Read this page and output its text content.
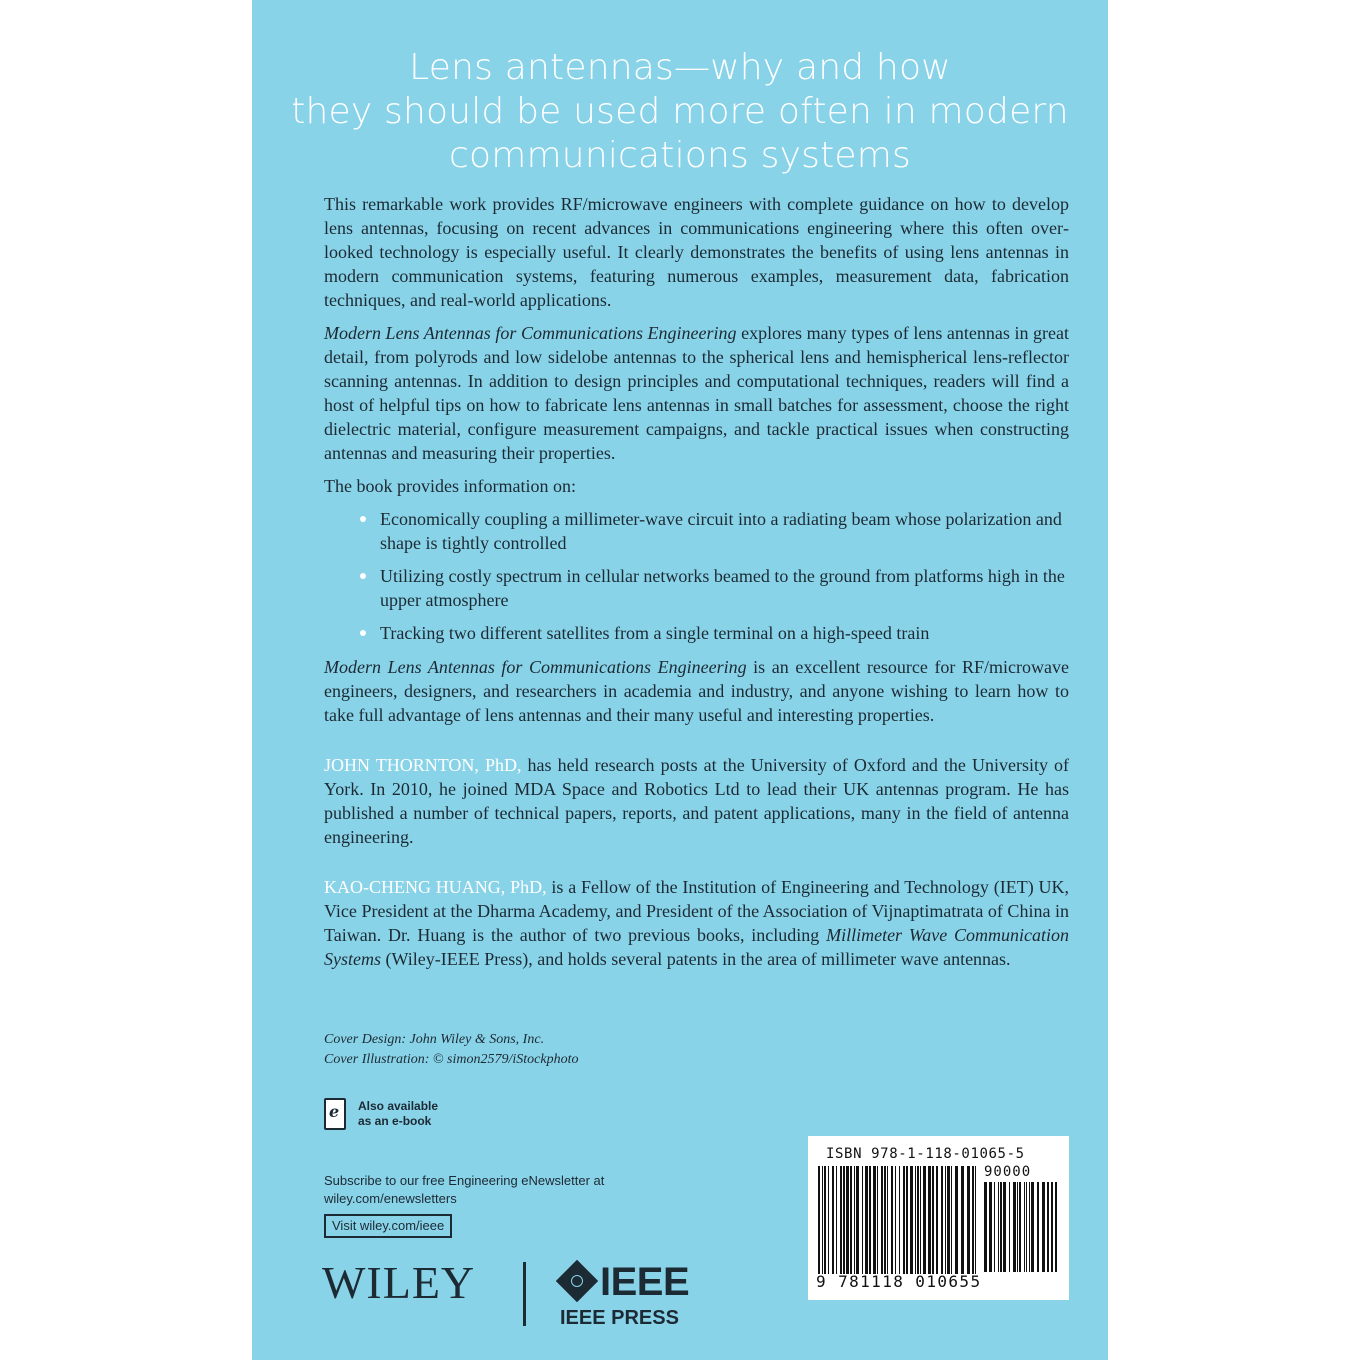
Lens antennas—why and how
they should be used more often in modern
communications systems

This remarkable work provides RF/microwave engineers with complete guidance on how to develop lens antennas, focusing on recent advances in communications engineering where this often overlooked technology is especially useful. It clearly demonstrates the benefits of using lens antennas in modern communication systems, featuring numerous examples, measurement data, fabrication techniques, and real-world applications.

Modern Lens Antennas for Communications Engineering explores many types of lens antennas in great detail, from polyrods and low sidelobe antennas to the spherical lens and hemispherical lens-reflector scanning antennas. In addition to design principles and computational techniques, readers will find a host of helpful tips on how to fabricate lens antennas in small batches for assessment, choose the right dielectric material, configure measurement campaigns, and tackle practical issues when constructing antennas and measuring their properties.

The book provides information on:

Economically coupling a millimeter-wave circuit into a radiating beam whose polarization and shape is tightly controlled
Utilizing costly spectrum in cellular networks beamed to the ground from platforms high in the upper atmosphere
Tracking two different satellites from a single terminal on a high-speed train

Modern Lens Antennas for Communications Engineering is an excellent resource for RF/microwave engineers, designers, and researchers in academia and industry, and anyone wishing to learn how to take full advantage of lens antennas and their many useful and interesting properties.

JOHN THORNTON, PhD, has held research posts at the University of Oxford and the University of York. In 2010, he joined MDA Space and Robotics Ltd to lead their UK antennas program. He has published a number of technical papers, reports, and patent applications, many in the field of antenna engineering.

KAO-CHENG HUANG, PhD, is a Fellow of the Institution of Engineering and Technology (IET) UK, Vice President at the Dharma Academy, and President of the Association of Vijnaptimatrata of China in Taiwan. Dr. Huang is the author of two previous books, including Millimeter Wave Communication Systems (Wiley-IEEE Press), and holds several patents in the area of millimeter wave antennas.

Cover Design: John Wiley & Sons, Inc.
Cover Illustration: © simon2579/iStockphoto
e Also available
as an e-book
Subscribe to our free Engineering eNewsletter at
wiley.com/enewsletters
Visit wiley.com/ieee
WILEY	IEEE
IEEE PRESS
ISBN 978-1-118-01065-5
90000
9 781118 010655
